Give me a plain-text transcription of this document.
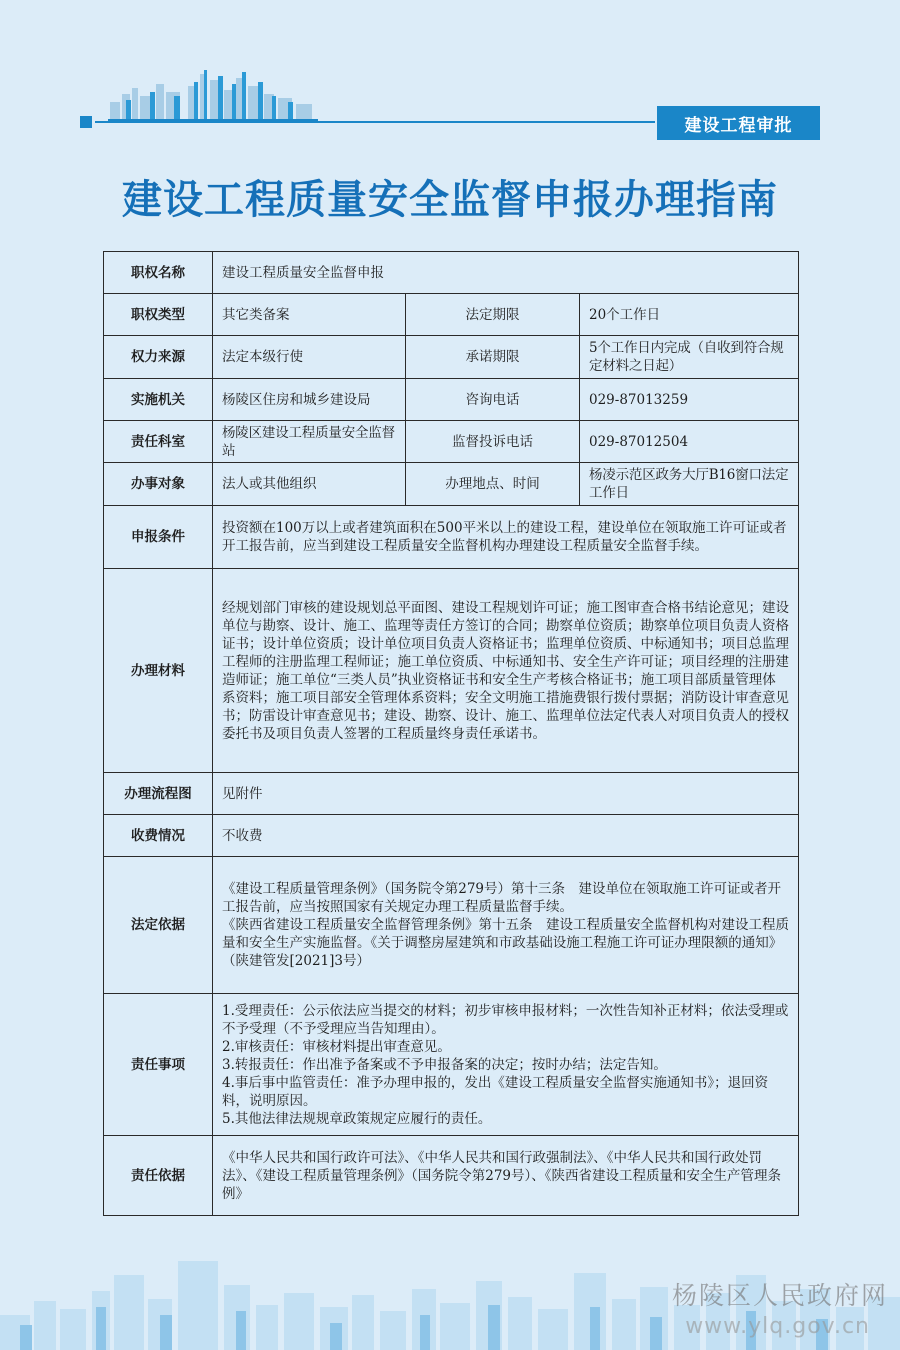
建设工程审批
建设工程质量安全监督申报办理指南
职权名称	建设工程质量安全监督申报		
职权类型	其它类备案	法定期限	20个工作日
权力来源	法定本级行使	承诺期限	5个工作日内完成（自收到符合规定材料之日起）
实施机关	杨陵区住房和城乡建设局	咨询电话	029-87013259
责任科室	杨陵区建设工程质量安全监督站	监督投诉电话	029-87012504
办事对象	法人或其他组织	办理地点、时间	杨凌示范区政务大厅B16窗口法定工作日
申报条件	投资额在100万以上或者建筑面积在500平米以上的建设工程，建设单位在领取施工许可证或者开工报告前，应当到建设工程质量安全监督机构办理建设工程质量安全监督手续。		
办理材料	经规划部门审核的建设规划总平面图、建设工程规划许可证；施工图审查合格书结论意见；建设单位与勘察、设计、施工、监理等责任方签订的合同；勘察单位资质；勘察单位项目负责人资格证书；设计单位资质；设计单位项目负责人资格证书；监理单位资质、中标通知书；项目总监理工程师的注册监理工程师证；施工单位资质、中标通知书、安全生产许可证；项目经理的注册建造师证；施工单位“三类人员”执业资格证书和安全生产考核合格证书；施工项目部质量管理体系资料；施工项目部安全管理体系资料；安全文明施工措施费银行拨付票据；消防设计审查意见书；防雷设计审查意见书；建设、勘察、设计、施工、监理单位法定代表人对项目负责人的授权委托书及项目负责人签署的工程质量终身责任承诺书。		
办理流程图	见附件		
收费情况	不收费		
法定依据	《建设工程质量管理条例》（国务院令第279号）第十三条　建设单位在领取施工许可证或者开工报告前，应当按照国家有关规定办理工程质量监督手续。
《陕西省建设工程质量安全监督管理条例》第十五条　建设工程质量安全监督机构对建设工程质量和安全生产实施监督。《关于调整房屋建筑和市政基础设施工程施工许可证办理限额的通知》（陕建管发[2021]3号）		

责任事项	1.受理责任：公示依法应当提交的材料；初步审核申报材料；一次性告知补正材料；依法受理或不予受理（不予受理应当告知理由）。
2.审核责任：审核材料提出审查意见。
3.转报责任：作出准予备案或不予申报备案的决定；按时办结；法定告知。
4.事后事中监管责任：准予办理申报的，发出《建设工程质量安全监督实施通知书》；退回资料，说明原因。
5.其他法律法规规章政策规定应履行的责任。		

责任依据	《中华人民共和国行政许可法》、《中华人民共和国行政强制法》、《中华人民共和国行政处罚法》、《建设工程质量管理条例》（国务院令第279号）、《陕西省建设工程质量和安全生产管理条例》		
杨陵区人民政府网
www.ylq.gov.cn
